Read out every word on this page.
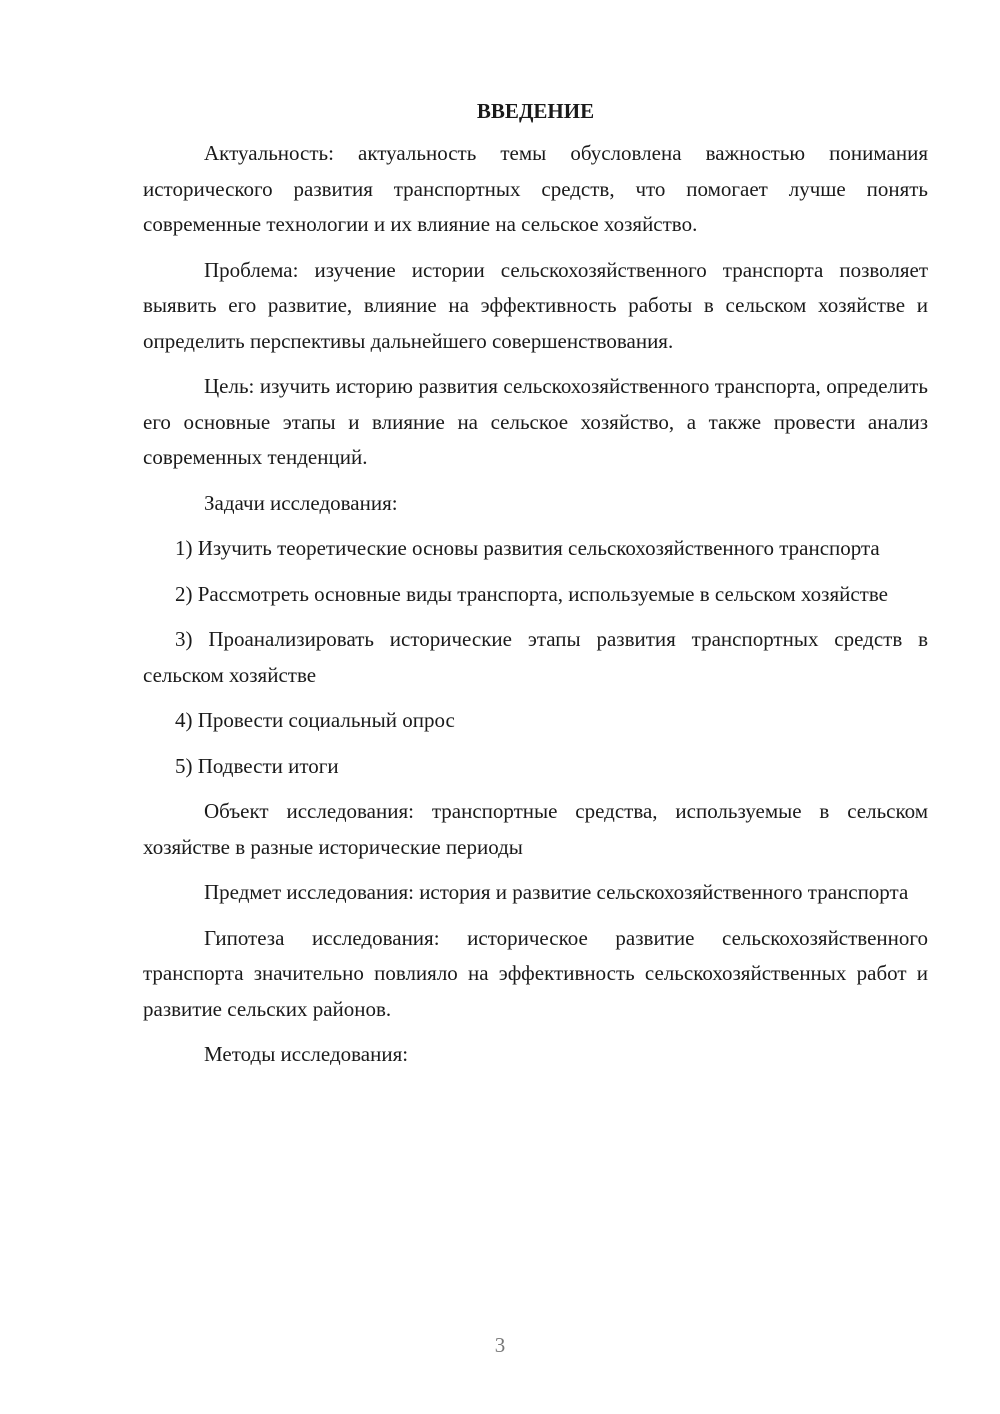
ВВЕДЕНИЕ

Актуальность: актуальность темы обусловлена важностью понимания исторического развития транспортных средств, что помогает лучше понять современные технологии и их влияние на сельское хозяйство.

Проблема: изучение истории сельскохозяйственного транспорта позволяет выявить его развитие, влияние на эффективность работы в сельском хозяйстве и определить перспективы дальнейшего совершенствования.

Цель: изучить историю развития сельскохозяйственного транспорта, определить его основные этапы и влияние на сельское хозяйство, а также провести анализ современных тенденций.

Задачи исследования:

1) Изучить теоретические основы развития сельскохозяйственного транспорта

2) Рассмотреть основные виды транспорта, используемые в сельском хозяйстве

3) Проанализировать исторические этапы развития транспортных средств в сельском хозяйстве

4) Провести социальный опрос

5) Подвести итоги

Объект исследования: транспортные средства, используемые в сельском хозяйстве в разные исторические периоды

Предмет исследования: история и развитие сельскохозяйственного транспорта

Гипотеза исследования: историческое развитие сельскохозяйственного транспорта значительно повлияло на эффективность сельскохозяйственных работ и развитие сельских районов.

Методы исследования:

3
